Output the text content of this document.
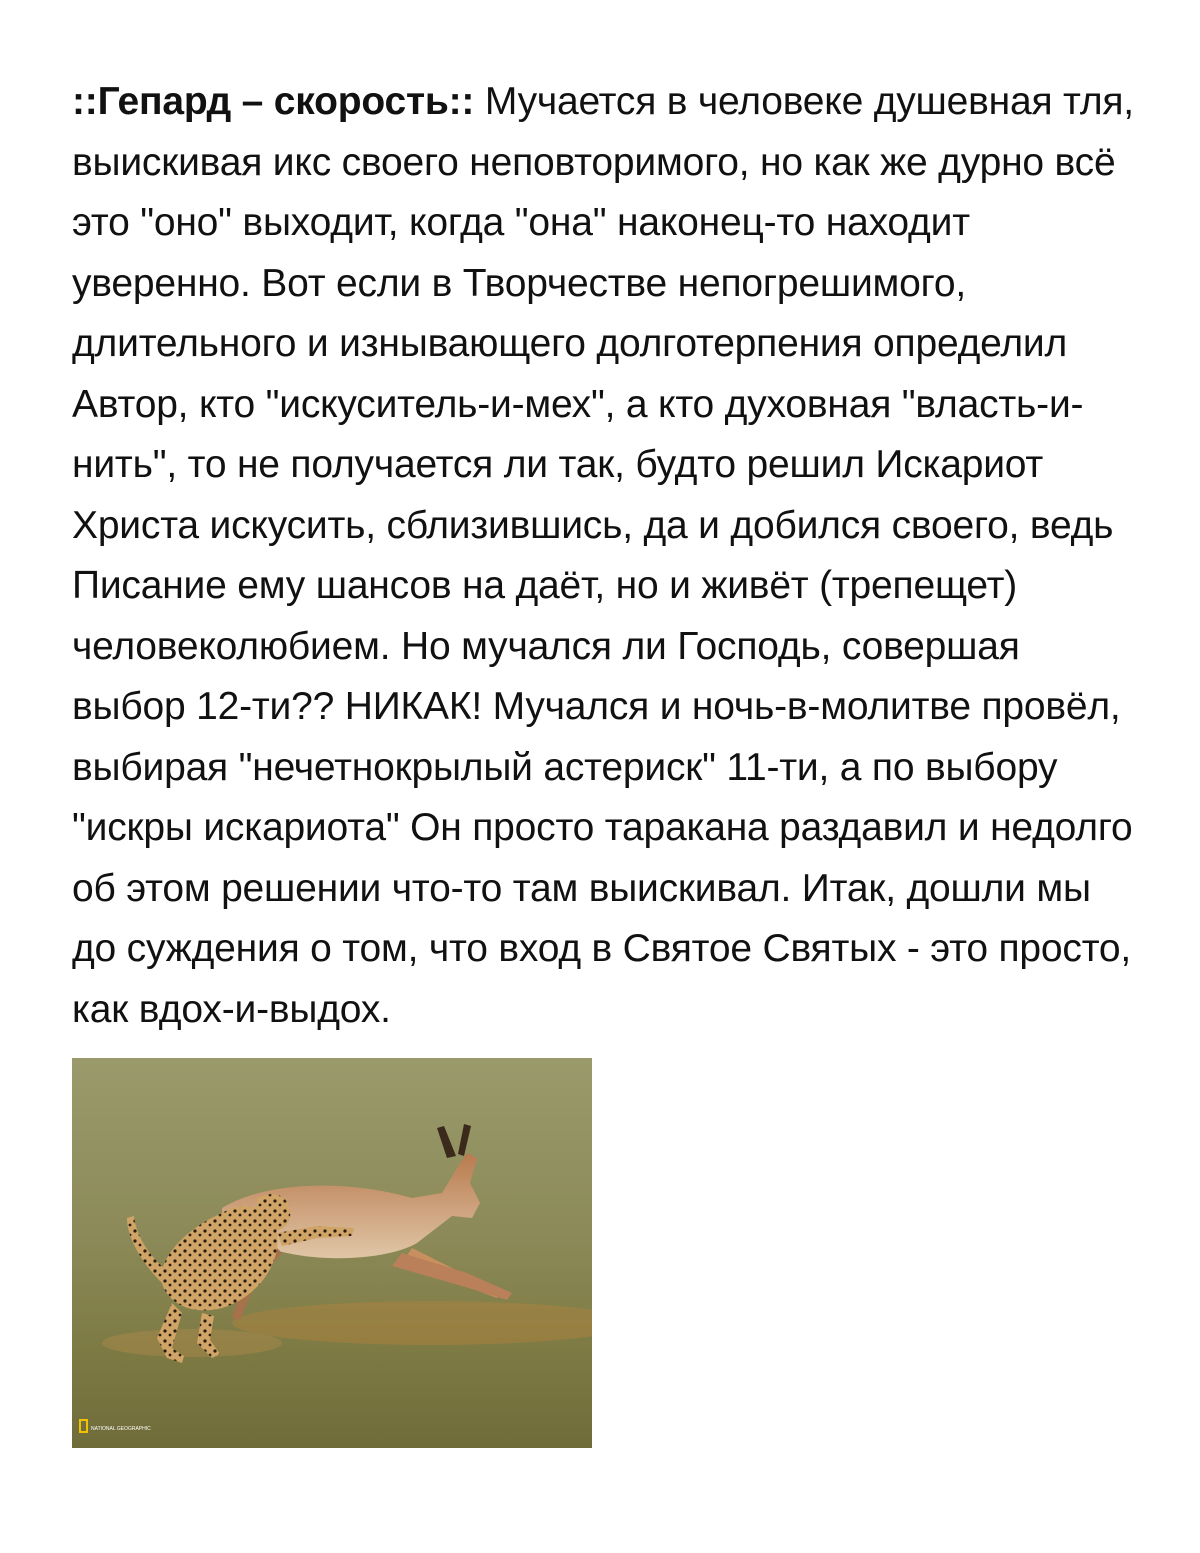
::Гепард – скорость:: Мучается в человеке душевная тля, выискивая икс своего неповторимого, но как же дурно всё это "оно" выходит, когда "она" наконец-то находит уверенно. Вот если в Творчестве непогрешимого, длительного и изнывающего долготерпения определил Автор, кто "искуситель-и-мех", а кто духовная "власть-и-нить", то не получается ли так, будто решил Искариот Христа искусить, сблизившись, да и добился своего, ведь Писание ему шансов на даёт, но и живёт (трепещет) человеколюбием. Но мучался ли Господь, совершая выбор 12-ти?? НИКАК! Мучался и ночь-в-молитве провёл, выбирая "нечетнокрылый астериск" 11-ти, а по выбору "искры искариота" Он просто таракана раздавил и недолго об этом решении что-то там выискивал. Итак, дошли мы до суждения о том, что вход в Святое Святых - это просто, как вдох-и-выдох.

NATIONAL GEOGRAPHIC
